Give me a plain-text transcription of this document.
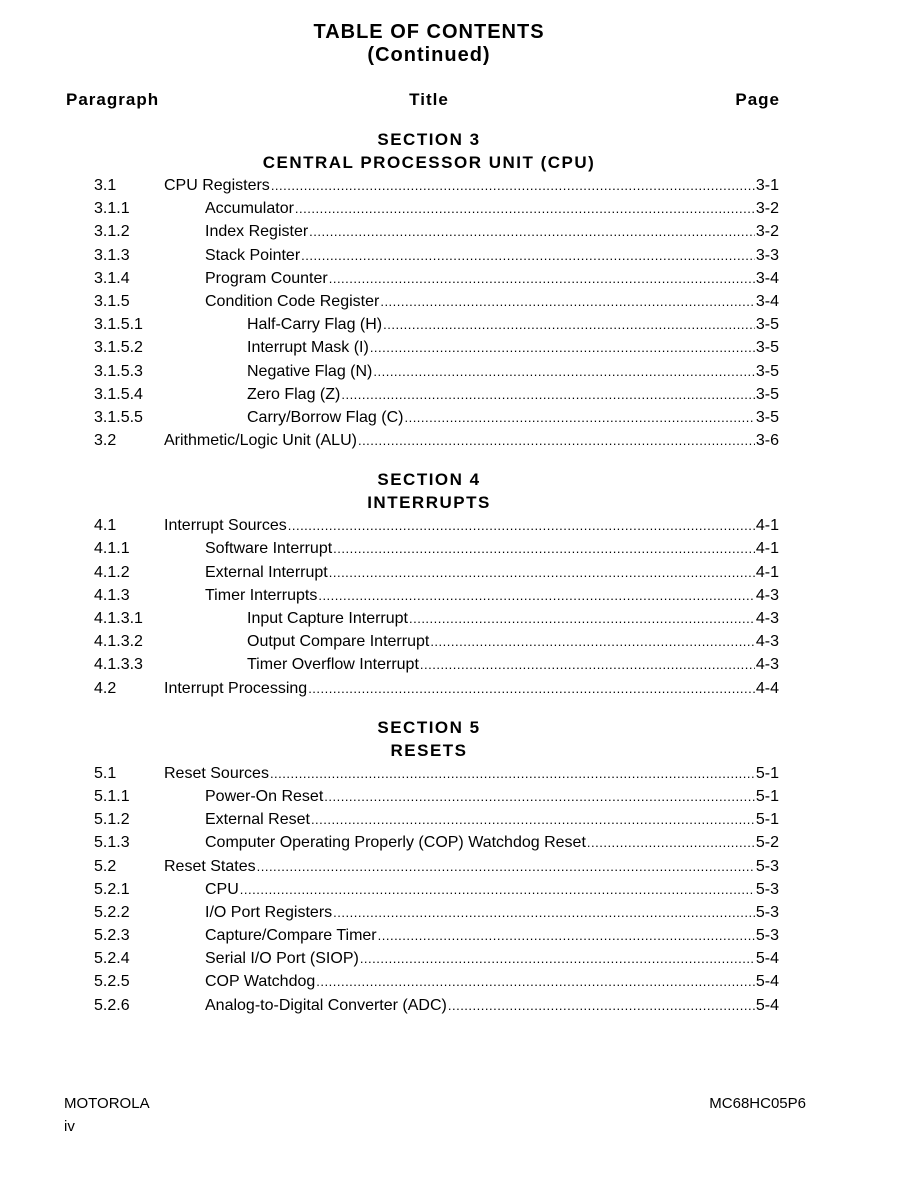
TABLE OF CONTENTS
(Continued)
Paragraph	Title	Page
SECTION 3
CENTRAL PROCESSOR UNIT (CPU)
3.1	CPU Registers .....	3-1
3.1.1	Accumulator .....	3-2
3.1.2	Index Register .....	3-2
3.1.3	Stack Pointer .....	3-3
3.1.4	Program Counter .....	3-4
3.1.5	Condition Code Register .....	3-4
3.1.5.1	Half-Carry Flag (H) .....	3-5
3.1.5.2	Interrupt Mask (I) .....	3-5
3.1.5.3	Negative Flag (N) .....	3-5
3.1.5.4	Zero Flag (Z) .....	3-5
3.1.5.5	Carry/Borrow Flag (C) .....	3-5
3.2	Arithmetic/Logic Unit (ALU) .....	3-6
SECTION 4
INTERRUPTS
4.1	Interrupt Sources .....	4-1
4.1.1	Software Interrupt .....	4-1
4.1.2	External Interrupt .....	4-1
4.1.3	Timer Interrupts .....	4-3
4.1.3.1	Input Capture Interrupt .....	4-3
4.1.3.2	Output Compare Interrupt .....	4-3
4.1.3.3	Timer Overflow Interrupt .....	4-3
4.2	Interrupt Processing .....	4-4
SECTION 5
RESETS
5.1	Reset Sources .....	5-1
5.1.1	Power-On Reset .....	5-1
5.1.2	External Reset .....	5-1
5.1.3	Computer Operating Properly (COP) Watchdog Reset .....	5-2
5.2	Reset States .....	5-3
5.2.1	CPU .....	5-3
5.2.2	I/O Port Registers .....	5-3
5.2.3	Capture/Compare Timer .....	5-3
5.2.4	Serial I/O Port (SIOP) .....	5-4
5.2.5	COP Watchdog .....	5-4
5.2.6	Analog-to-Digital Converter (ADC) .....	5-4
MOTOROLA
iv
MC68HC05P6
